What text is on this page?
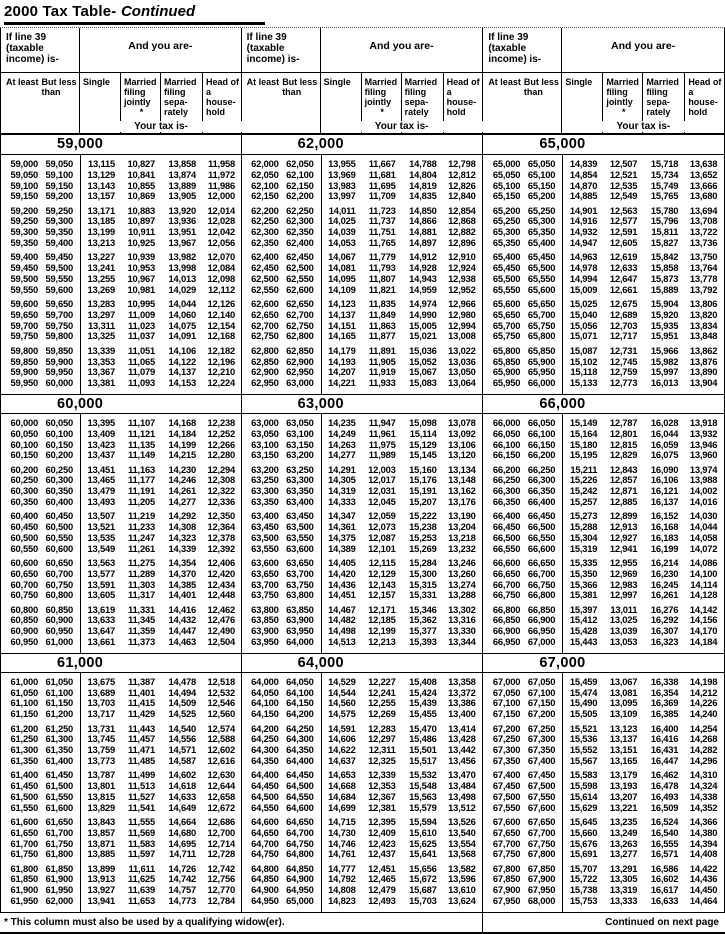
2000 Tax Table- Continued
If line 39 (taxable income) is-
And you are-
At least But less than
Single	Married filing jointly
*
Married filing sepa- rately
Head of a house- hold
Your tax is-
59,000
59,000 59,050	13,115	10,827	13,858	11,958
59,050 59,100	13,129	10,841	13,874	11,972
59,100 59,150	13,143	10,855	13,889	11,986
59,150 59,200	13,157	10,869	13,905	12,000
59,200 59,250	13,171	10,883	13,920	12,014
59,250 59,300	13,185	10,897	13,936	12,028
59,300 59,350	13,199	10,911	13,951	12,042
59,350 59,400	13,213	10,925	13,967	12,056
59,400 59,450	13,227	10,939	13,982	12,070
59,450 59,500	13,241	10,953	13,998	12,084
59,500 59,550	13,255	10,967	14,013	12,098
59,550 59,600	13,269	10,981	14,029	12,112
59,600 59,650	13,283	10,995	14,044	12,126
59,650 59,700	13,297	11,009	14,060	12,140
59,700 59,750	13,311	11,023	14,075	12,154
59,750 59,800	13,325	11,037	14,091	12,168
59,800 59,850	13,339	11,051	14,106	12,182
59,850 59,900	13,353	11,065	14,122	12,196
59,900 59,950	13,367	11,079	14,137	12,210
59,950 60,000	13,381	11,093	14,153	12,224
60,000
60,000 60,050	13,395	11,107	14,168	12,238
60,050 60,100	13,409	11,121	14,184	12,252
60,100 60,150	13,423	11,135	14,199	12,266
60,150 60,200	13,437	11,149	14,215	12,280
60,200 60,250	13,451	11,163	14,230	12,294
60,250 60,300	13,465	11,177	14,246	12,308
60,300 60,350	13,479	11,191	14,261	12,322
60,350 60,400	13,493	11,205	14,277	12,336
60,400 60,450	13,507	11,219	14,292	12,350
60,450 60,500	13,521	11,233	14,308	12,364
60,500 60,550	13,535	11,247	14,323	12,378
60,550 60,600	13,549	11,261	14,339	12,392
60,600 60,650	13,563	11,275	14,354	12,406
60,650 60,700	13,577	11,289	14,370	12,420
60,700 60,750	13,591	11,303	14,385	12,434
60,750 60,800	13,605	11,317	14,401	12,448
60,800 60,850	13,619	11,331	14,416	12,462
60,850 60,900	13,633	11,345	14,432	12,476
60,900 60,950	13,647	11,359	14,447	12,490
60,950 61,000	13,661	11,373	14,463	12,504
61,000
61,000 61,050	13,675	11,387	14,478	12,518
61,050 61,100	13,689	11,401	14,494	12,532
61,100 61,150	13,703	11,415	14,509	12,546
61,150 61,200	13,717	11,429	14,525	12,560
61,200 61,250	13,731	11,443	14,540	12,574
61,250 61,300	13,745	11,457	14,556	12,588
61,300 61,350	13,759	11,471	14,571	12,602
61,350 61,400	13,773	11,485	14,587	12,616
61,400 61,450	13,787	11,499	14,602	12,630
61,450 61,500	13,801	11,513	14,618	12,644
61,500 61,550	13,815	11,527	14,633	12,658
61,550 61,600	13,829	11,541	14,649	12,672
61,600 61,650	13,843	11,555	14,664	12,686
61,650 61,700	13,857	11,569	14,680	12,700
61,700 61,750	13,871	11,583	14,695	12,714
61,750 61,800	13,885	11,597	14,711	12,728
61,800 61,850	13,899	11,611	14,726	12,742
61,850 61,900	13,913	11,625	14,742	12,756
61,900 61,950	13,927	11,639	14,757	12,770
61,950 62,000	13,941	11,653	14,773	12,784
If line 39 (taxable income) is-
And you are-
At least But less than
Single	Married filing jointly
*
Married filing sepa- rately
Head of a house- hold
Your tax is-
62,000
62,000 62,050	13,955	11,667	14,788	12,798
62,050 62,100	13,969	11,681	14,804	12,812
62,100 62,150	13,983	11,695	14,819	12,826
62,150 62,200	13,997	11,709	14,835	12,840
62,200 62,250	14,011	11,723	14,850	12,854
62,250 62,300	14,025	11,737	14,866	12,868
62,300 62,350	14,039	11,751	14,881	12,882
62,350 62,400	14,053	11,765	14,897	12,896
62,400 62,450	14,067	11,779	14,912	12,910
62,450 62,500	14,081	11,793	14,928	12,924
62,500 62,550	14,095	11,807	14,943	12,938
62,550 62,600	14,109	11,821	14,959	12,952
62,600 62,650	14,123	11,835	14,974	12,966
62,650 62,700	14,137	11,849	14,990	12,980
62,700 62,750	14,151	11,863	15,005	12,994
62,750 62,800	14,165	11,877	15,021	13,008
62,800 62,850	14,179	11,891	15,036	13,022
62,850 62,900	14,193	11,905	15,052	13,036
62,900 62,950	14,207	11,919	15,067	13,050
62,950 63,000	14,221	11,933	15,083	13,064
63,000
63,000 63,050	14,235	11,947	15,098	13,078
63,050 63,100	14,249	11,961	15,114	13,092
63,100 63,150	14,263	11,975	15,129	13,106
63,150 63,200	14,277	11,989	15,145	13,120
63,200 63,250	14,291	12,003	15,160	13,134
63,250 63,300	14,305	12,017	15,176	13,148
63,300 63,350	14,319	12,031	15,191	13,162
63,350 63,400	14,333	12,045	15,207	13,176
63,400 63,450	14,347	12,059	15,222	13,190
63,450 63,500	14,361	12,073	15,238	13,204
63,500 63,550	14,375	12,087	15,253	13,218
63,550 63,600	14,389	12,101	15,269	13,232
63,600 63,650	14,405	12,115	15,284	13,246
63,650 63,700	14,420	12,129	15,300	13,260
63,700 63,750	14,436	12,143	15,315	13,274
63,750 63,800	14,451	12,157	15,331	13,288
63,800 63,850	14,467	12,171	15,346	13,302
63,850 63,900	14,482	12,185	15,362	13,316
63,900 63,950	14,498	12,199	15,377	13,330
63,950 64,000	14,513	12,213	15,393	13,344
64,000
64,000 64,050	14,529	12,227	15,408	13,358
64,050 64,100	14,544	12,241	15,424	13,372
64,100 64,150	14,560	12,255	15,439	13,386
64,150 64,200	14,575	12,269	15,455	13,400
64,200 64,250	14,591	12,283	15,470	13,414
64,250 64,300	14,606	12,297	15,486	13,428
64,300 64,350	14,622	12,311	15,501	13,442
64,350 64,400	14,637	12,325	15,517	13,456
64,400 64,450	14,653	12,339	15,532	13,470
64,450 64,500	14,668	12,353	15,548	13,484
64,500 64,550	14,684	12,367	15,563	13,498
64,550 64,600	14,699	12,381	15,579	13,512
64,600 64,650	14,715	12,395	15,594	13,526
64,650 64,700	14,730	12,409	15,610	13,540
64,700 64,750	14,746	12,423	15,625	13,554
64,750 64,800	14,761	12,437	15,641	13,568
64,800 64,850	14,777	12,451	15,656	13,582
64,850 64,900	14,792	12,465	15,672	13,596
64,900 64,950	14,808	12,479	15,687	13,610
64,950 65,000	14,823	12,493	15,703	13,624
If line 39 (taxable income) is-
And you are-
At least But less than
Single	Married filing jointly
*
Married filing sepa- rately
Head of a house- hold
Your tax is-
65,000
65,000 65,050	14,839	12,507	15,718	13,638
65,050 65,100	14,854	12,521	15,734	13,652
65,100 65,150	14,870	12,535	15,749	13,666
65,150 65,200	14,885	12,549	15,765	13,680
65,200 65,250	14,901	12,563	15,780	13,694
65,250 65,300	14,916	12,577	15,796	13,708
65,300 65,350	14,932	12,591	15,811	13,722
65,350 65,400	14,947	12,605	15,827	13,736
65,400 65,450	14,963	12,619	15,842	13,750
65,450 65,500	14,978	12,633	15,858	13,764
65,500 65,550	14,994	12,647	15,873	13,778
65,550 65,600	15,009	12,661	15,889	13,792
65,600 65,650	15,025	12,675	15,904	13,806
65,650 65,700	15,040	12,689	15,920	13,820
65,700 65,750	15,056	12,703	15,935	13,834
65,750 65,800	15,071	12,717	15,951	13,848
65,800 65,850	15,087	12,731	15,966	13,862
65,850 65,900	15,102	12,745	15,982	13,876
65,900 65,950	15,118	12,759	15,997	13,890
65,950 66,000	15,133	12,773	16,013	13,904
66,000
66,000 66,050	15,149	12,787	16,028	13,918
66,050 66,100	15,164	12,801	16,044	13,932
66,100 66,150	15,180	12,815	16,059	13,946
66,150 66,200	15,195	12,829	16,075	13,960
66,200 66,250	15,211	12,843	16,090	13,974
66,250 66,300	15,226	12,857	16,106	13,988
66,300 66,350	15,242	12,871	16,121	14,002
66,350 66,400	15,257	12,885	16,137	14,016
66,400 66,450	15,273	12,899	16,152	14,030
66,450 66,500	15,288	12,913	16,168	14,044
66,500 66,550	15,304	12,927	16,183	14,058
66,550 66,600	15,319	12,941	16,199	14,072
66,600 66,650	15,335	12,955	16,214	14,086
66,650 66,700	15,350	12,969	16,230	14,100
66,700 66,750	15,366	12,983	16,245	14,114
66,750 66,800	15,381	12,997	16,261	14,128
66,800 66,850	15,397	13,011	16,276	14,142
66,850 66,900	15,412	13,025	16,292	14,156
66,900 66,950	15,428	13,039	16,307	14,170
66,950 67,000	15,443	13,053	16,323	14,184
67,000
67,000 67,050	15,459	13,067	16,338	14,198
67,050 67,100	15,474	13,081	16,354	14,212
67,100 67,150	15,490	13,095	16,369	14,226
67,150 67,200	15,505	13,109	16,385	14,240
67,200 67,250	15,521	13,123	16,400	14,254
67,250 67,300	15,536	13,137	16,416	14,268
67,300 67,350	15,552	13,151	16,431	14,282
67,350 67,400	15,567	13,165	16,447	14,296
67,400 67,450	15,583	13,179	16,462	14,310
67,450 67,500	15,598	13,193	16,478	14,324
67,500 67,550	15,614	13,207	16,493	14,338
67,550 67,600	15,629	13,221	16,509	14,352
67,600 67,650	15,645	13,235	16,524	14,366
67,650 67,700	15,660	13,249	16,540	14,380
67,700 67,750	15,676	13,263	16,555	14,394
67,750 67,800	15,691	13,277	16,571	14,408
67,800 67,850	15,707	13,291	16,586	14,422
67,850 67,900	15,722	13,305	16,602	14,436
67,900 67,950	15,738	13,319	16,617	14,450
67,950 68,000	15,753	13,333	16,633	14,464
* This column must also be used by a qualifying widow(er).	Continued on next page
